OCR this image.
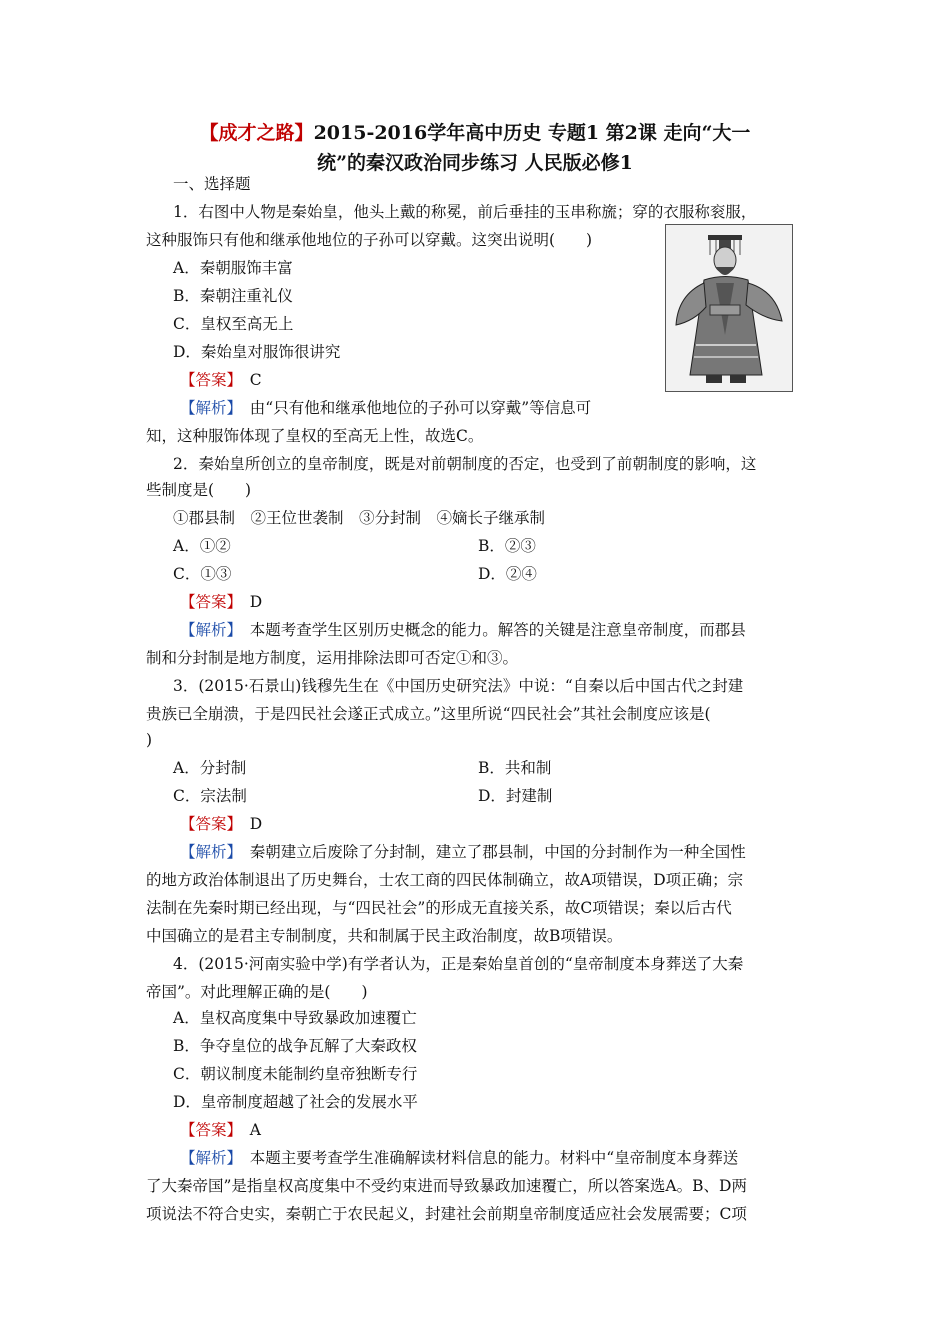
【成才之路】2015-2016学年高中历史 专题1 第2课 走向“大一
统”的秦汉政治同步练习 人民版必修1
一、选择题
1．右图中人物是秦始皇，他头上戴的称冕，前后垂挂的玉串称旒；穿的衣服称衮服，
这种服饰只有他和继承他地位的子孙可以穿戴。这突出说明(　　)
A．秦朝服饰丰富
B．秦朝注重礼仪
C．皇权至高无上
D．秦始皇对服饰很讲究
【答案】　 C
【解析】　 由“只有他和继承他地位的子孙可以穿戴”等信息可
知，这种服饰体现了皇权的至高无上性，故选C。
2．秦始皇所创立的皇帝制度，既是对前朝制度的否定，也受到了前朝制度的影响，这
些制度是(　　)
①郡县制　②王位世袭制　③分封制　④嫡长子继承制
A．①②	B．②③
C．①③	D．②④
【答案】　 D
【解析】　 本题考查学生区别历史概念的能力。解答的关键是注意皇帝制度，而郡县
制和分封制是地方制度，运用排除法即可否定①和③。
3．(2015·石景山)钱穆先生在《中国历史研究法》中说：“自秦以后中国古代之封建
贵族已全崩溃，于是四民社会遂正式成立。”这里所说“四民社会”其社会制度应该是(
)
A．分封制	B．共和制
C．宗法制	D．封建制
【答案】　 D
【解析】　 秦朝建立后废除了分封制，建立了郡县制，中国的分封制作为一种全国性
的地方政治体制退出了历史舞台，士农工商的四民体制确立，故A项错误，D项正确；宗
法制在先秦时期已经出现，与“四民社会”的形成无直接关系，故C项错误；秦以后古代
中国确立的是君主专制制度，共和制属于民主政治制度，故B项错误。
4．(2015·河南实验中学)有学者认为，正是秦始皇首创的“皇帝制度本身葬送了大秦
帝国”。对此理解正确的是(　　)
A．皇权高度集中导致暴政加速覆亡
B．争夺皇位的战争瓦解了大秦政权
C．朝议制度未能制约皇帝独断专行
D．皇帝制度超越了社会的发展水平
【答案】　 A
【解析】　 本题主要考查学生准确解读材料信息的能力。材料中“皇帝制度本身葬送
了大秦帝国”是指皇权高度集中不受约束进而导致暴政加速覆亡，所以答案选A。B、D两
项说法不符合史实，秦朝亡于农民起义，封建社会前期皇帝制度适应社会发展需要；C项
